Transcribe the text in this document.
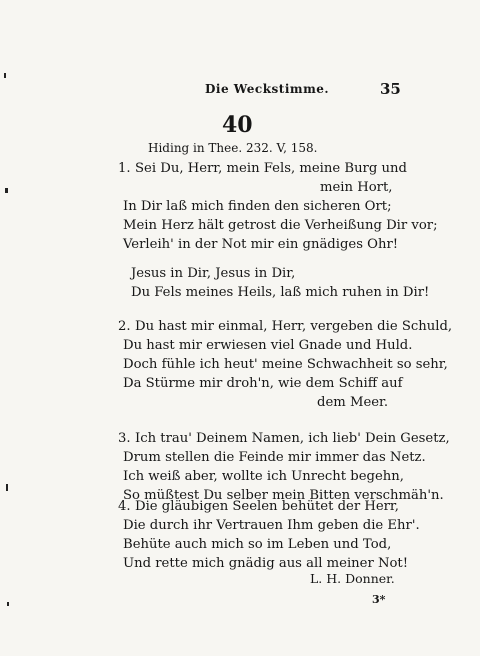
Die Weckstimme.	35
40
Hiding in Thee. 232. V, 158.
1. Sei Du, Herr, mein Fels, meine Burg und
mein Hort,
In Dir laß mich finden den sicheren Ort;
Mein Herz hält getrost die Verheißung Dir vor;
Verleih' in der Not mir ein gnädiges Ohr!
Jesus in Dir, Jesus in Dir,
Du Fels meines Heils, laß mich ruhen in Dir!
2. Du hast mir einmal, Herr, vergeben die Schuld,
Du hast mir erwiesen viel Gnade und Huld.
Doch fühle ich heut' meine Schwachheit so sehr,
Da Stürme mir droh'n, wie dem Schiff auf
dem Meer.
3. Ich trau' Deinem Namen, ich lieb' Dein Gesetz,
Drum stellen die Feinde mir immer das Netz.
Ich weiß aber, wollte ich Unrecht begehn,
So müßtest Du selber mein Bitten verschmäh'n.
4. Die gläubigen Seelen behütet der Herr,
Die durch ihr Vertrauen Ihm geben die Ehr'.
Behüte auch mich so im Leben und Tod,
Und rette mich gnädig aus all meiner Not!
L. H. Donner.
3*
